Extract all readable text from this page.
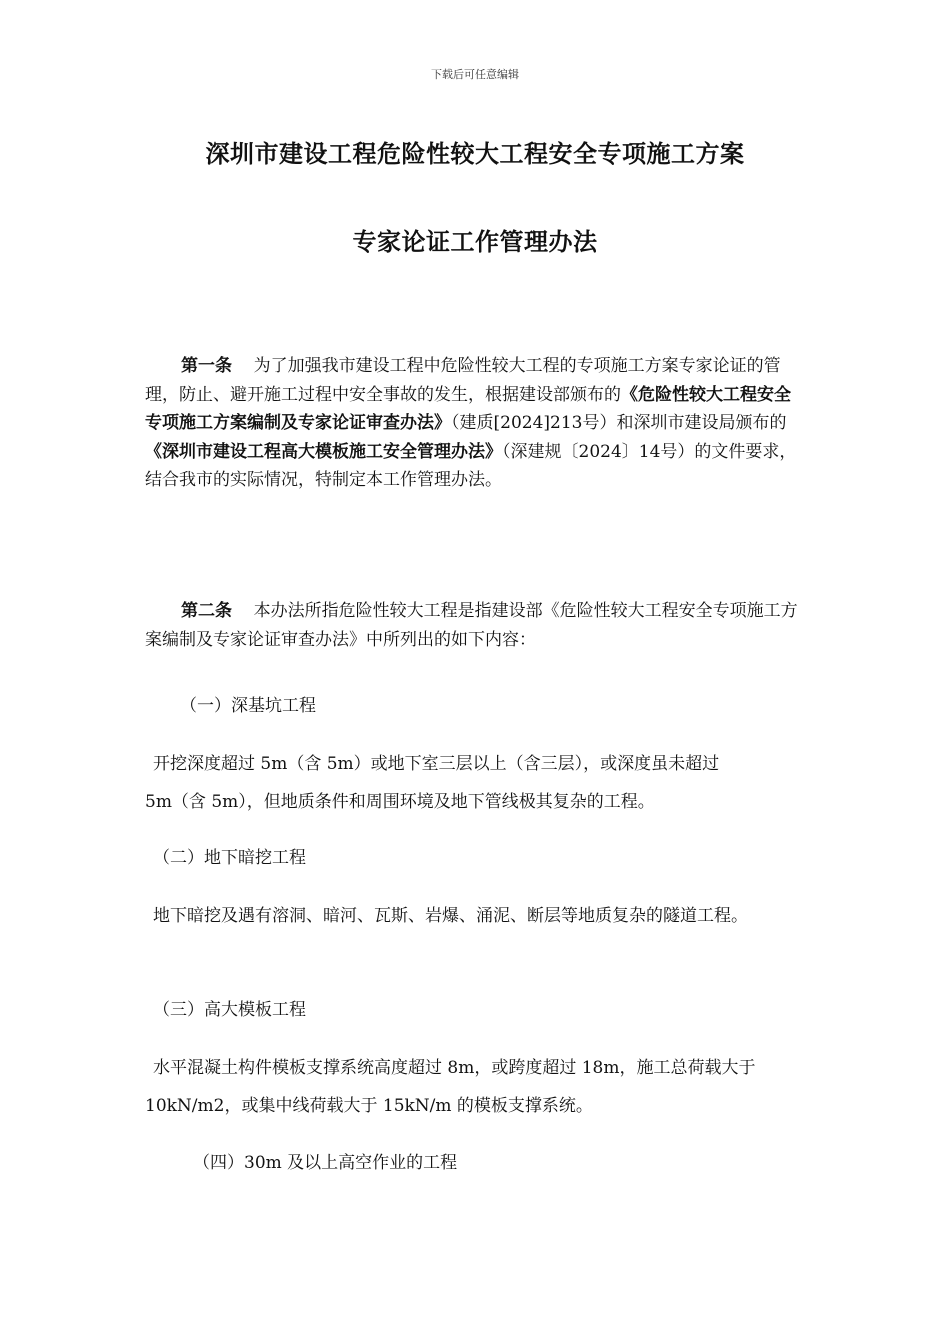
下载后可任意编辑
深圳市建设工程危险性较大工程安全专项施工方案
专家论证工作管理办法
第一条 为了加强我市建设工程中危险性较大工程的专项施工方案专家论证的管理，防止、避开施工过程中安全事故的发生，根据建设部颁布的《危险性较大工程安全专项施工方案编制及专家论证审查办法》（建质[2024]213号）和深圳市建设局颁布的《深圳市建设工程高大模板施工安全管理办法》（深建规〔2024〕14号）的文件要求，结合我市的实际情况，特制定本工作管理办法。
第二条 本办法所指危险性较大工程是指建设部《危险性较大工程安全专项施工方案编制及专家论证审查办法》中所列出的如下内容：
（一）深基坑工程
开挖深度超过 5m（含 5m）或地下室三层以上（含三层），或深度虽未超过
5m（含 5m），但地质条件和周围环境及地下管线极其复杂的工程。
（二）地下暗挖工程
地下暗挖及遇有溶洞、暗河、瓦斯、岩爆、涌泥、断层等地质复杂的隧道工程。
（三）高大模板工程
水平混凝土构件模板支撑系统高度超过 8m，或跨度超过 18m，施工总荷载大于
10kN/m2，或集中线荷载大于 15kN/m 的模板支撑系统。
（四）30m 及以上高空作业的工程
